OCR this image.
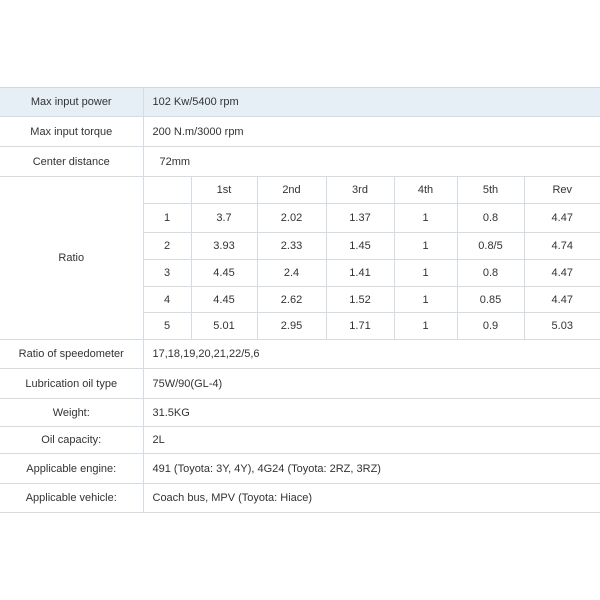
Max input power	102 Kw/5400 rpm						
Max input torque	200 N.m/3000 rpm						
Center distance	72mm						
Ratio		1st	2nd	3rd	4th	5th	Rev
	1	3.7	2.02	1.37	1	0.8	4.47
	2	3.93	2.33	1.45	1	0.8/5	4.74
	3	4.45	2.4	1.41	1	0.8	4.47
	4	4.45	2.62	1.52	1	0.85	4.47
	5	5.01	2.95	1.71	1	0.9	5.03
Ratio of speedometer	17,18,19,20,21,22/5,6						
Lubrication oil type	75W/90(GL-4)						
Weight:	31.5KG						
Oil capacity:	2L						
Applicable engine:	491 (Toyota: 3Y, 4Y), 4G24 (Toyota: 2RZ, 3RZ)						
Applicable vehicle:	Coach bus, MPV (Toyota: Hiace)						
